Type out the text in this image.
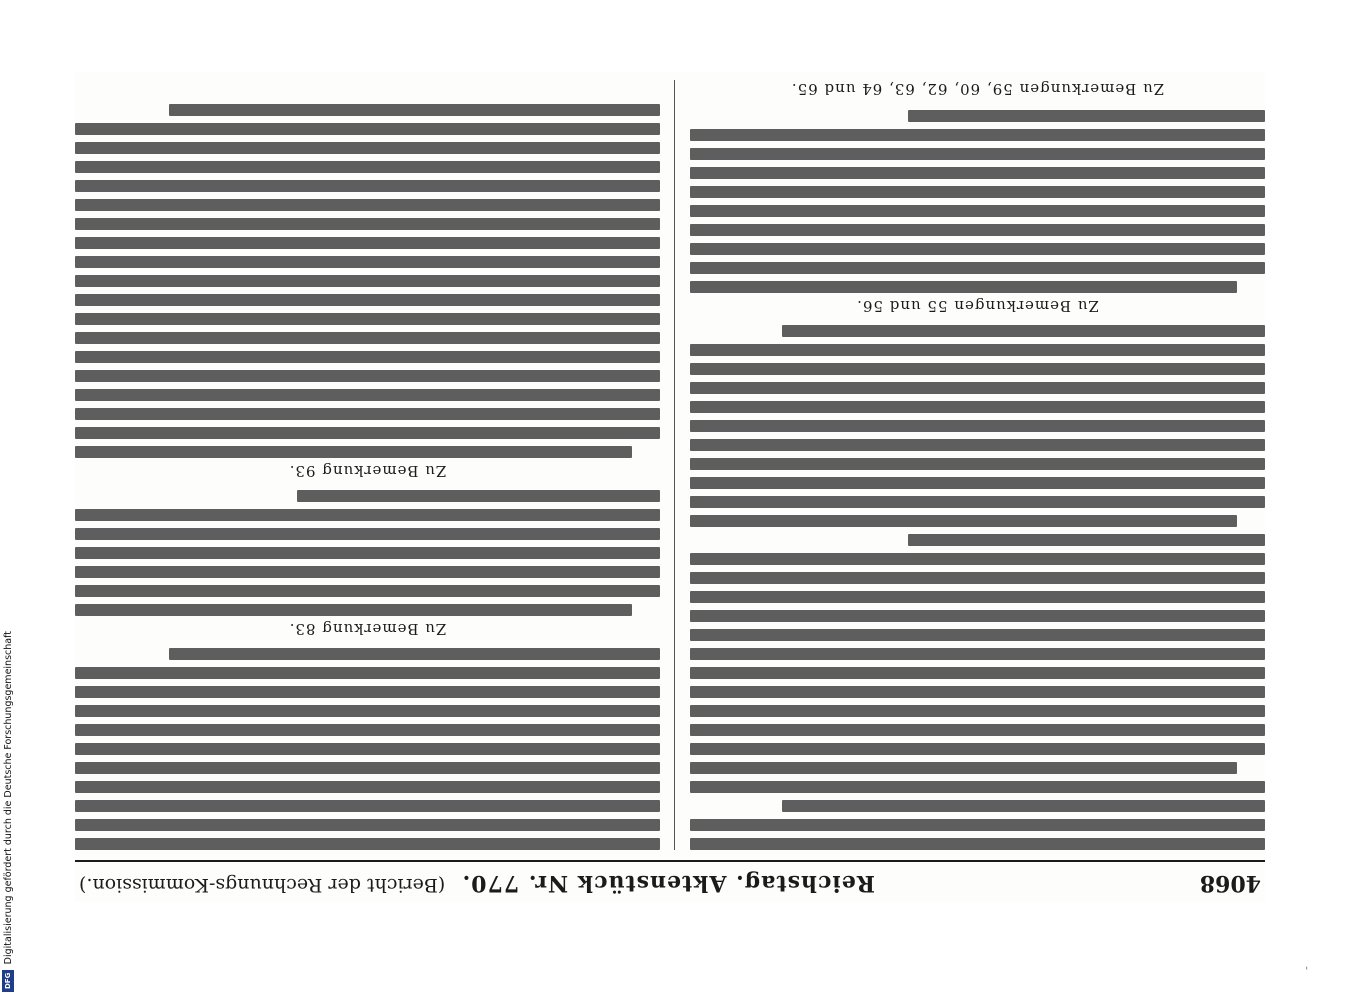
4068
Reichstag. Aktenstück Nr. 770.
(Bericht der Rechnungs-Kommission.)
Zu Bemerkungen 55 und 56.
Zu Bemerkungen 59, 60, 62, 63, 64 und 65.
Zu Bemerkung 83.
Zu Bemerkung 93.
Digitalisierung gefördert durch die Deutsche Forschungsgemeinschaft
DFG
ˈ
